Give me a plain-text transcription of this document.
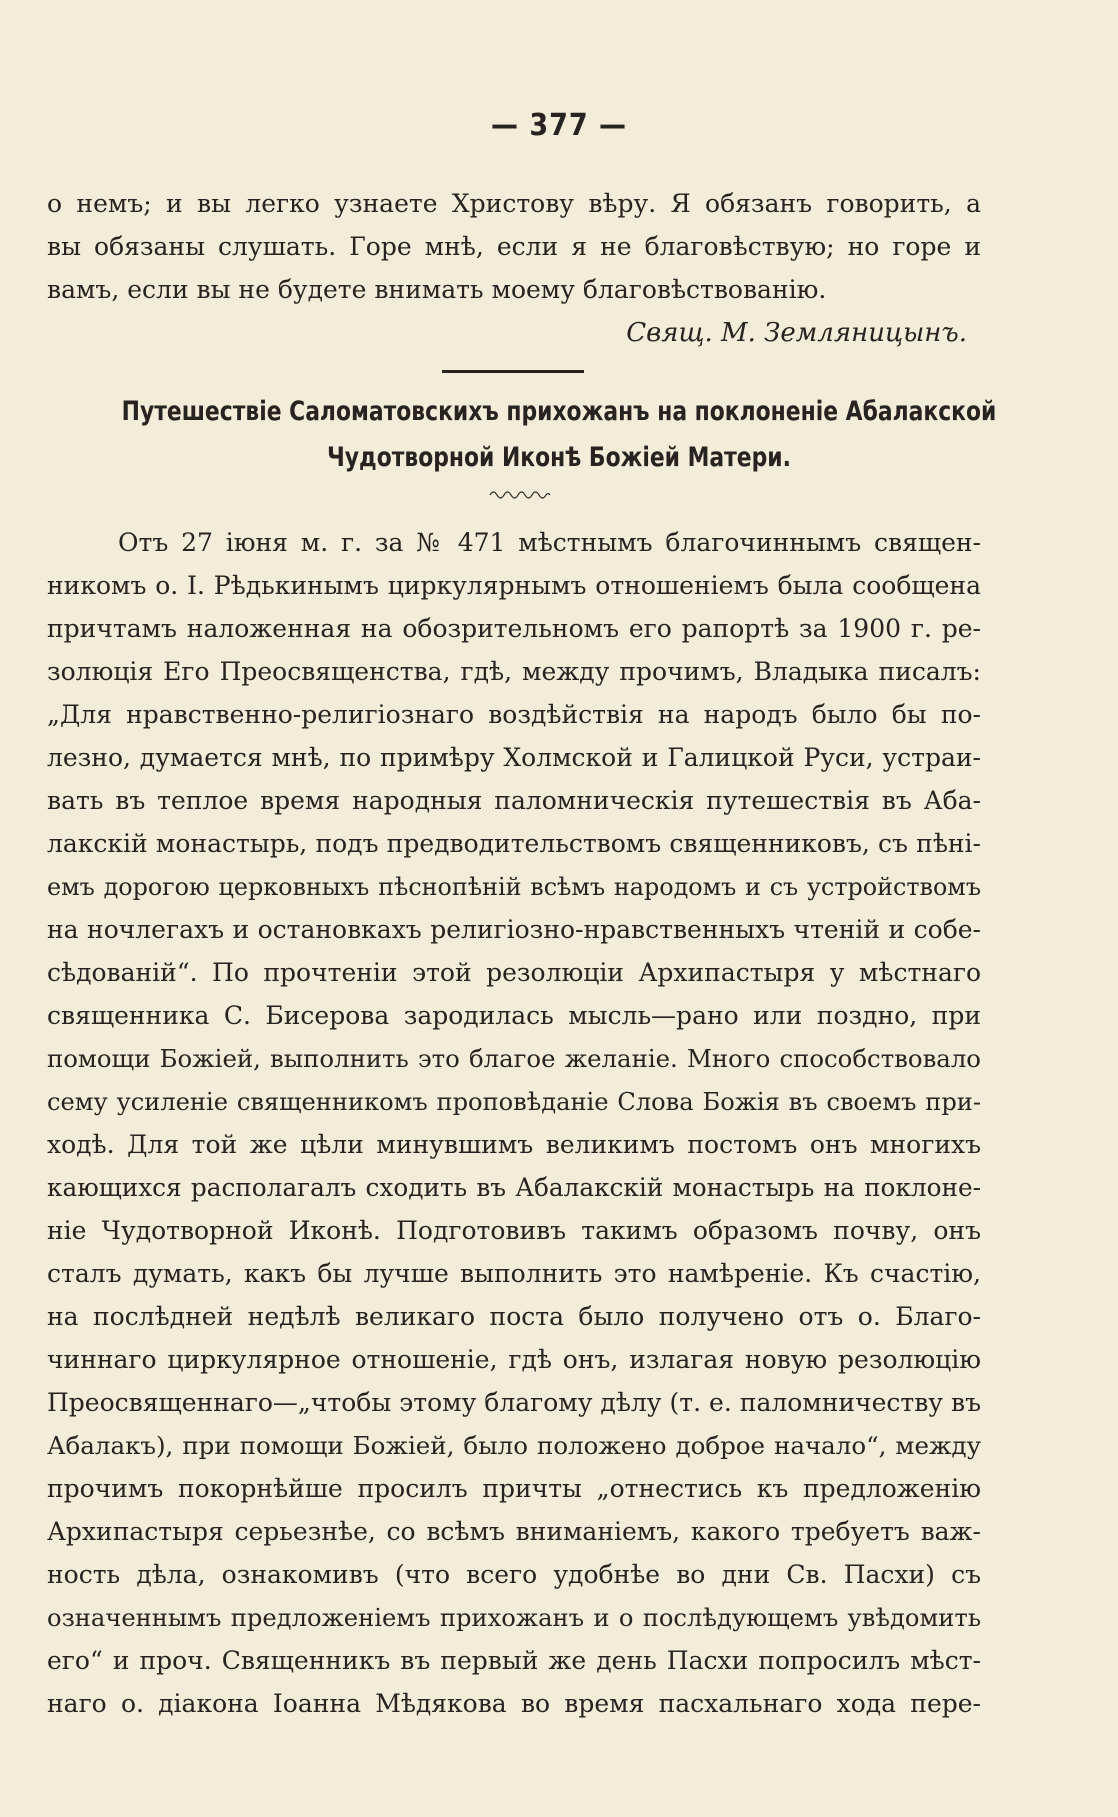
— 377 —
о немъ; и вы легко узнаете Христову вѣру. Я обязанъ говорить, а
вы обязаны слушать. Горе мнѣ, если я не благовѣствую; но горе и
вамъ, если вы не будете внимать моему благовѣствованію.
Свящ. М. Земляницынъ.
Путешествіе Саломатовскихъ прихожанъ на поклоненіе Абалакской
Чудотворной Иконѣ Божіей Матери.
Отъ 27 іюня м. г. за № 471 мѣстнымъ благочиннымъ священ-
никомъ о. І. Рѣдькинымъ циркулярнымъ отношеніемъ была сообщена
причтамъ наложенная на обозрительномъ его рапортѣ за 1900 г. ре-
золюція Его Преосвященства, гдѣ, между прочимъ, Владыка писалъ:
„Для нравственно-религіознаго воздѣйствія на народъ было бы по-
лезно, думается мнѣ, по примѣру Холмской и Галицкой Руси, устраи-
вать въ теплое время народныя паломническія путешествія въ Аба-
лакскій монастырь, подъ предводительствомъ священниковъ, съ пѣні-
емъ дорогою церковныхъ пѣснопѣній всѣмъ народомъ и съ устройствомъ
на ночлегахъ и остановкахъ религіозно-нравственныхъ чтеній и собе-
сѣдованій“. По прочтеніи этой резолюціи Архипастыря у мѣстнаго
священника С. Бисерова зародилась мысль—рано или поздно, при
помощи Божіей, выполнить это благое желаніе. Много способствовало
сему усиленіе священникомъ проповѣданіе Слова Божія въ своемъ при-
ходѣ. Для той же цѣли минувшимъ великимъ постомъ онъ многихъ
кающихся располагалъ сходить въ Абалакскій монастырь на поклоне-
ніе Чудотворной Иконѣ. Подготовивъ такимъ образомъ почву, онъ
сталъ думать, какъ бы лучше выполнить это намѣреніе. Къ счастію,
на послѣдней недѣлѣ великаго поста было получено отъ о. Благо-
чиннаго циркулярное отношеніе, гдѣ онъ, излагая новую резолюцію
Преосвященнаго—„чтобы этому благому дѣлу (т. е. паломничеству въ
Абалакъ), при помощи Божіей, было положено доброе начало“, между
прочимъ покорнѣйше просилъ причты „отнестись къ предложенію
Архипастыря серьезнѣе, со всѣмъ вниманіемъ, какого требуетъ важ-
ность дѣла, ознакомивъ (что всего удобнѣе во дни Св. Пасхи) съ
означеннымъ предложеніемъ прихожанъ и о послѣдующемъ увѣдомить
его“ и проч. Священникъ въ первый же день Пасхи попросилъ мѣст-
наго о. діакона Іоанна Мѣдякова во время пасхальнаго хода пере-
